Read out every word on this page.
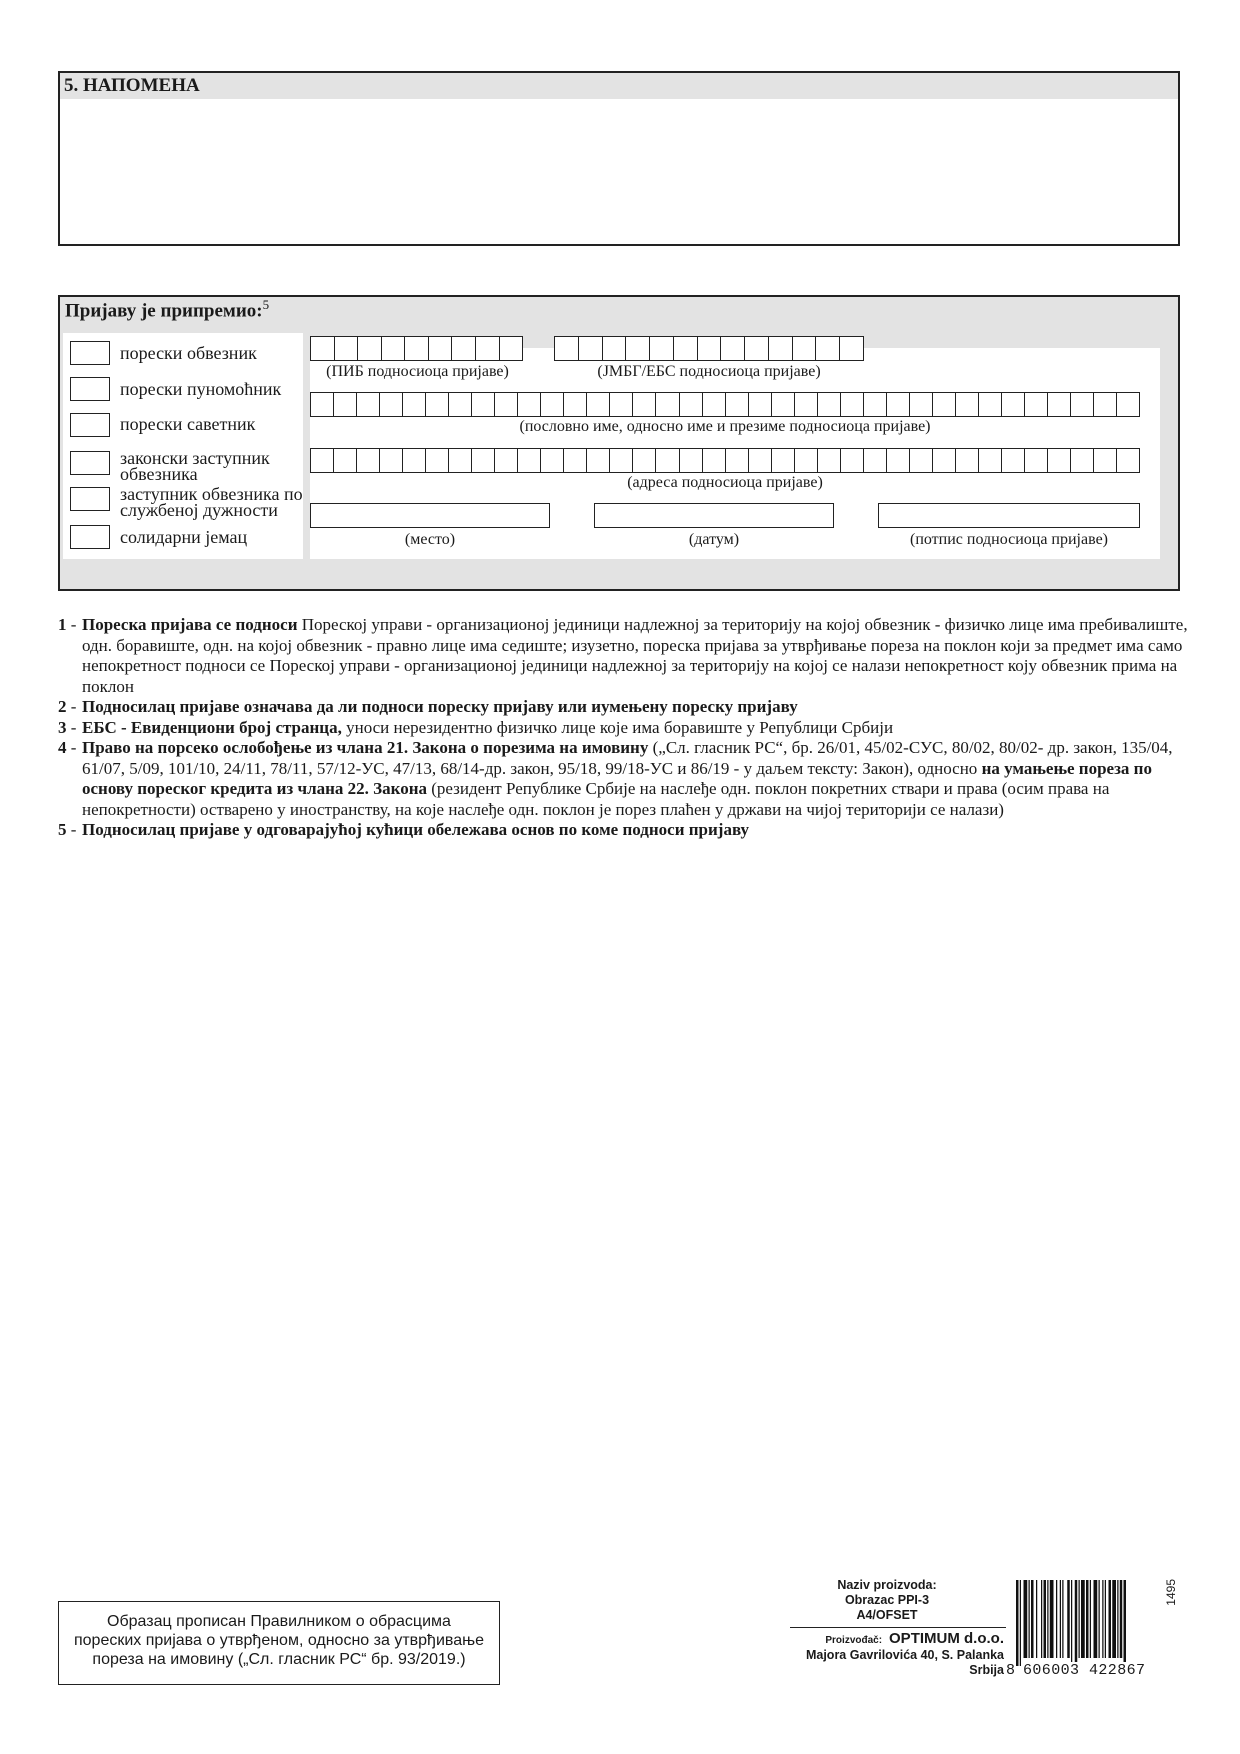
5. НАПОМЕНА
Пријаву је припремио:$^5$
порески обвезник
порески пуномоћник
порески саветник
законски заступник
обвезника
заступник обвезника по
службеној дужности
солидарни јемац
(ПИБ подносиоца пријаве)	(ЈМБГ/ЕБС подносиоца пријаве)
(пословно име, односно име и презиме подносиоца пријаве)
(адреса подносиоца пријаве)
(место)	(датум)	(потпис подносиоца пријаве)
1 - Пореска пријава се подноси Пореској управи - организационој јединици надлежној за територију на којој обвезник - физичко лице има пребивалиште, одн. боравиште, одн. на којој обвезник - правно лице има седиште; изузетно, пореска пријава за утврђивање пореза на поклон који за предмет има само непокретност подноси се Пореској управи - организационој јединици надлежној за територију на којој се налази непокретност коју обвезник прима на поклон
2 - Подносилац пријаве означава да ли подноси пореску пријаву или иумењену пореску пријаву
3 - ЕБС - Евиденциони број странца, уноси нерезидентно физичко лице које има боравиште у Републици Србији
4 - Право на порсеко ослобођење из члана 21. Закона о порезима на имовину („Сл. гласник РС“, бр. 26/01, 45/02-СУС, 80/02, 80/02- др. закон, 135/04, 61/07, 5/09, 101/10, 24/11, 78/11, 57/12-УС, 47/13, 68/14-др. закон, 95/18, 99/18-УС и 86/19 - у даљем тексту: Закон), односно на умањење пореза по основу пореског кредита из члана 22. Закона (резидент Републике Србије на наслеђе одн. поклон покретних ствари и права (осим права на непокретности) остварено у иностранству, на које наслеђе одн. поклон је порез плаћен у држави на чијој територији се налази)
5 - Подносилац пријаве у одговарајућој кућици обележава основ по коме подноси пријаву
Образац прописан Правилником о обрасцима
пореских пријава о утврђеном, односно за утврђивање
пореза на имовину („Сл. гласник РС“ бр. 93/2019.)
Naziv proizvoda:
Obrazac PPI-3
A4/OFSET
Proizvođač: OPTIMUM d.o.o.
Majora Gavrilovića 40, S. Palanka
Srbija 8 606003 422867
1495
